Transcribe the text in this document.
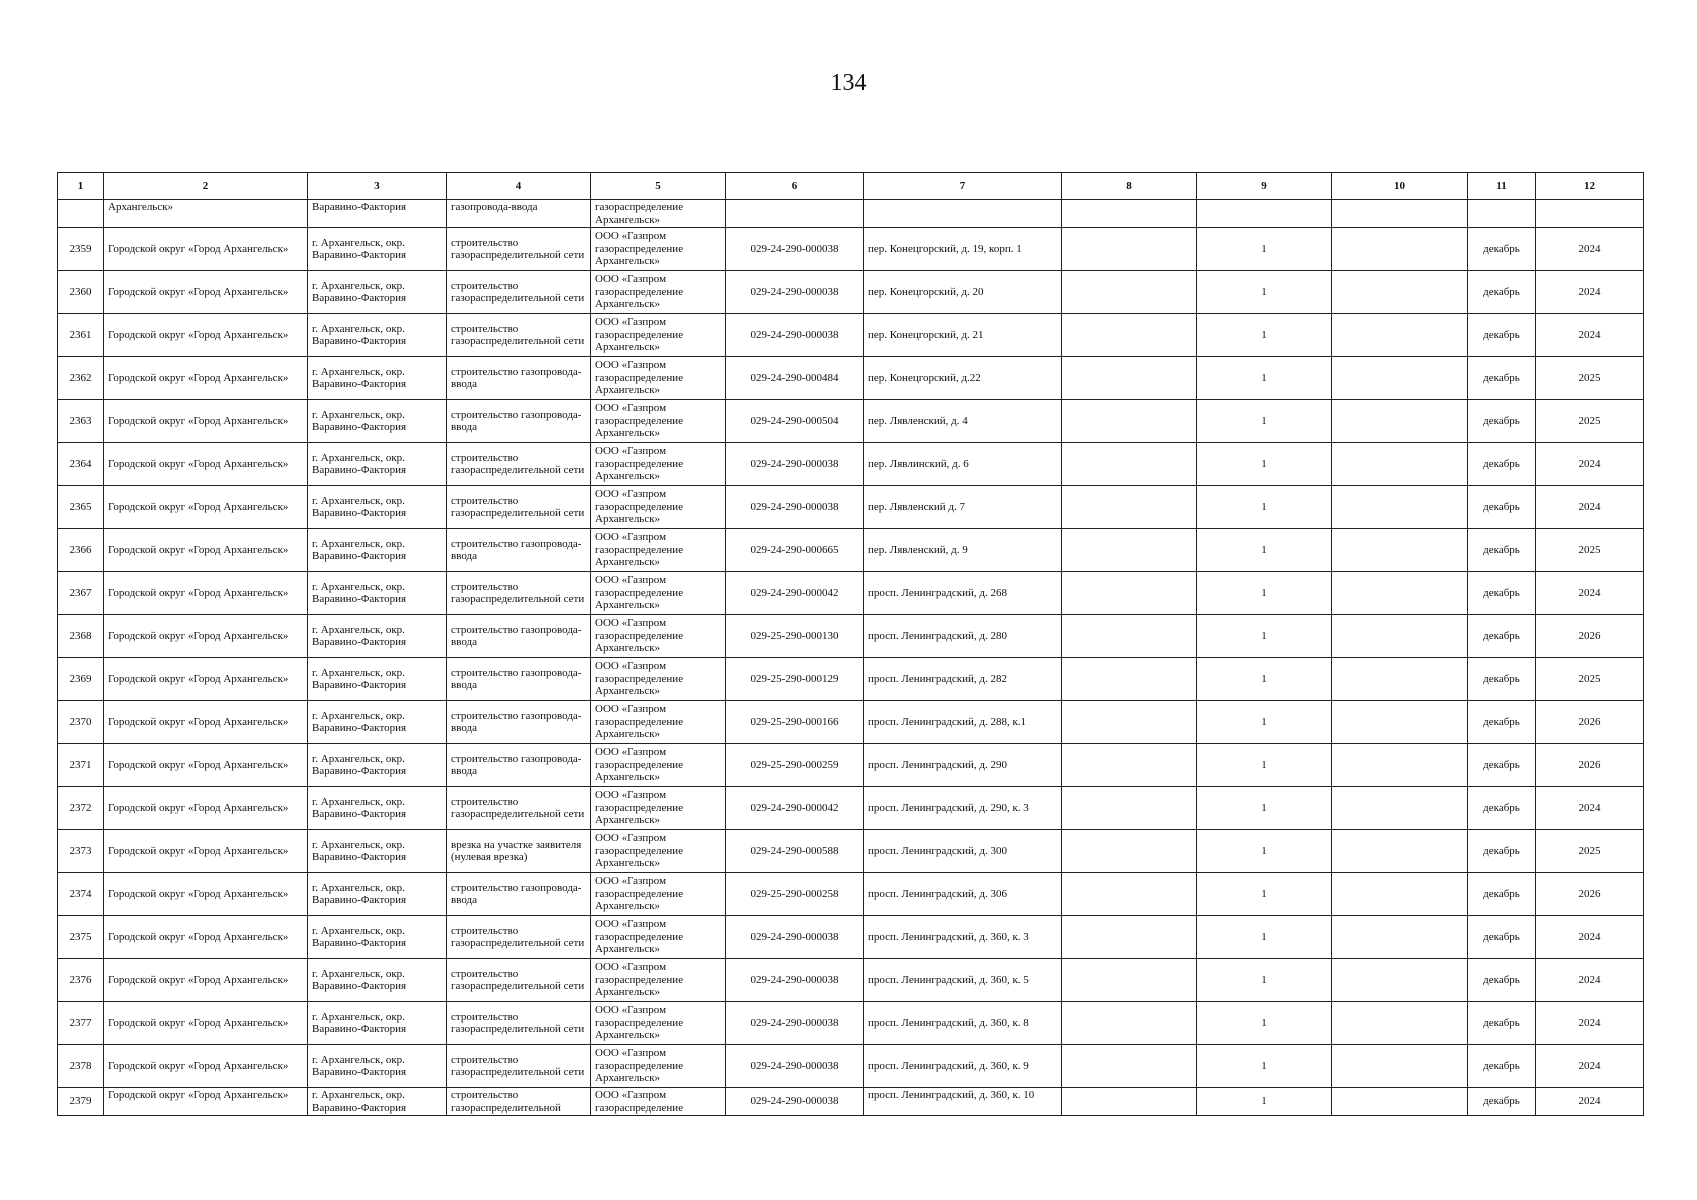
134
1	2	3	4	5	6	7	8	9	10	11	12
	Архангельск»	Варавино-Фактория	газопровода-ввода	газораспределение Архангельск»							
2359	Городской округ «Город Архангельск»	г. Архангельск, окр. Варавино-Фактория	строительство газораспределительной сети	ООО «Газпром газораспределение Архангельск»	029-24-290-000038	пер. Конецгорский, д. 19, корп. 1		1		декабрь	2024
2360	Городской округ «Город Архангельск»	г. Архангельск, окр. Варавино-Фактория	строительство газораспределительной сети	ООО «Газпром газораспределение Архангельск»	029-24-290-000038	пер. Конецгорский, д. 20		1		декабрь	2024
2361	Городской округ «Город Архангельск»	г. Архангельск, окр. Варавино-Фактория	строительство газораспределительной сети	ООО «Газпром газораспределение Архангельск»	029-24-290-000038	пер. Конецгорский, д. 21		1		декабрь	2024
2362	Городской округ «Город Архангельск»	г. Архангельск, окр. Варавино-Фактория	строительство газопровода-ввода	ООО «Газпром газораспределение Архангельск»	029-24-290-000484	пер. Конецгорский, д.22		1		декабрь	2025
2363	Городской округ «Город Архангельск»	г. Архангельск, окр. Варавино-Фактория	строительство газопровода-ввода	ООО «Газпром газораспределение Архангельск»	029-24-290-000504	пер. Лявленский, д. 4		1		декабрь	2025
2364	Городской округ «Город Архангельск»	г. Архангельск, окр. Варавино-Фактория	строительство газораспределительной сети	ООО «Газпром газораспределение Архангельск»	029-24-290-000038	пер. Лявлинский, д. 6		1		декабрь	2024
2365	Городской округ «Город Архангельск»	г. Архангельск, окр. Варавино-Фактория	строительство газораспределительной сети	ООО «Газпром газораспределение Архангельск»	029-24-290-000038	пер. Лявленский д. 7		1		декабрь	2024
2366	Городской округ «Город Архангельск»	г. Архангельск, окр. Варавино-Фактория	строительство газопровода-ввода	ООО «Газпром газораспределение Архангельск»	029-24-290-000665	пер. Лявленский, д. 9		1		декабрь	2025
2367	Городской округ «Город Архангельск»	г. Архангельск, окр. Варавино-Фактория	строительство газораспределительной сети	ООО «Газпром газораспределение Архангельск»	029-24-290-000042	просп. Ленинградский, д. 268		1		декабрь	2024
2368	Городской округ «Город Архангельск»	г. Архангельск, окр. Варавино-Фактория	строительство газопровода-ввода	ООО «Газпром газораспределение Архангельск»	029-25-290-000130	просп. Ленинградский, д. 280		1		декабрь	2026
2369	Городской округ «Город Архангельск»	г. Архангельск, окр. Варавино-Фактория	строительство газопровода-ввода	ООО «Газпром газораспределение Архангельск»	029-25-290-000129	просп. Ленинградский, д. 282		1		декабрь	2025
2370	Городской округ «Город Архангельск»	г. Архангельск, окр. Варавино-Фактория	строительство газопровода-ввода	ООО «Газпром газораспределение Архангельск»	029-25-290-000166	просп. Ленинградский, д. 288, к.1		1		декабрь	2026
2371	Городской округ «Город Архангельск»	г. Архангельск, окр. Варавино-Фактория	строительство газопровода-ввода	ООО «Газпром газораспределение Архангельск»	029-25-290-000259	просп. Ленинградский, д. 290		1		декабрь	2026
2372	Городской округ «Город Архангельск»	г. Архангельск, окр. Варавино-Фактория	строительство газораспределительной сети	ООО «Газпром газораспределение Архангельск»	029-24-290-000042	просп. Ленинградский, д. 290, к. 3		1		декабрь	2024
2373	Городской округ «Город Архангельск»	г. Архангельск, окр. Варавино-Фактория	врезка на участке заявителя (нулевая врезка)	ООО «Газпром газораспределение Архангельск»	029-24-290-000588	просп. Ленинградский, д. 300		1		декабрь	2025
2374	Городской округ «Город Архангельск»	г. Архангельск, окр. Варавино-Фактория	строительство газопровода-ввода	ООО «Газпром газораспределение Архангельск»	029-25-290-000258	просп. Ленинградский, д. 306		1		декабрь	2026
2375	Городской округ «Город Архангельск»	г. Архангельск, окр. Варавино-Фактория	строительство газораспределительной сети	ООО «Газпром газораспределение Архангельск»	029-24-290-000038	просп. Ленинградский, д. 360, к. 3		1		декабрь	2024
2376	Городской округ «Город Архангельск»	г. Архангельск, окр. Варавино-Фактория	строительство газораспределительной сети	ООО «Газпром газораспределение Архангельск»	029-24-290-000038	просп. Ленинградский, д. 360, к. 5		1		декабрь	2024
2377	Городской округ «Город Архангельск»	г. Архангельск, окр. Варавино-Фактория	строительство газораспределительной сети	ООО «Газпром газораспределение Архангельск»	029-24-290-000038	просп. Ленинградский, д. 360, к. 8		1		декабрь	2024
2378	Городской округ «Город Архангельск»	г. Архангельск, окр. Варавино-Фактория	строительство газораспределительной сети	ООО «Газпром газораспределение Архангельск»	029-24-290-000038	просп. Ленинградский, д. 360, к. 9		1		декабрь	2024
2379	Городской округ «Город Архангельск»	г. Архангельск, окр. Варавино-Фактория	строительство газораспределительной	ООО «Газпром газораспределение	029-24-290-000038	просп. Ленинградский, д. 360, к. 10		1		декабрь	2024
